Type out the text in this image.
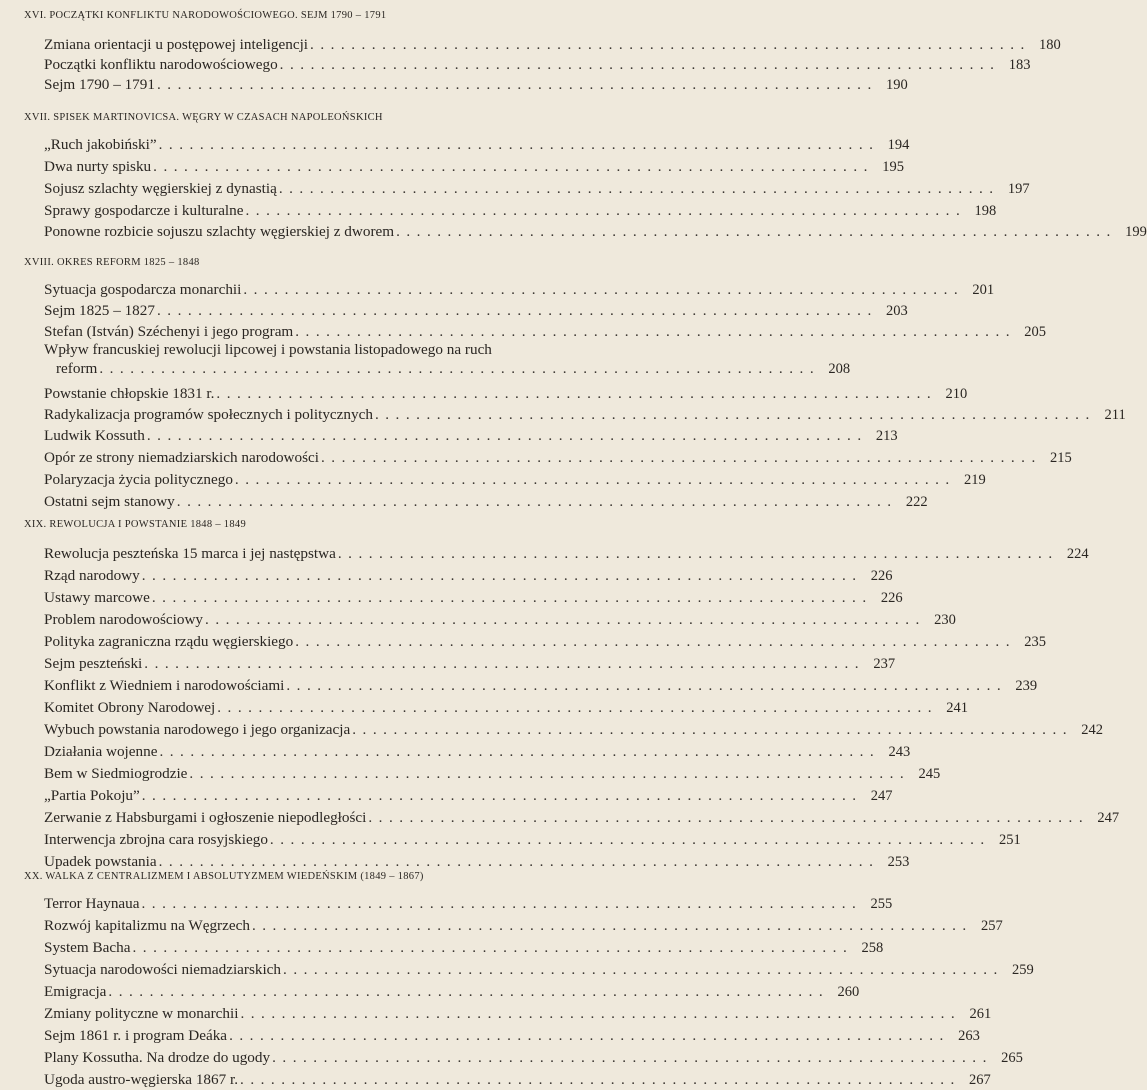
XVI. POCZĄTKI KONFLIKTU NARODOWOŚCIOWEGO. SEJM 1790 – 1791
Zmiana orientacji u postępowej inteligencji ...................................................................... 180
Początki konfliktu narodowościowego ...................................................................... 183
Sejm 1790 – 1791 ...................................................................... 190
XVII. SPISEK MARTINOVICSA. WĘGRY W CZASACH NAPOLEOŃSKICH
„Ruch jakobiński” ...................................................................... 194
Dwa nurty spisku ...................................................................... 195
Sojusz szlachty węgierskiej z dynastią ...................................................................... 197
Sprawy gospodarcze i kulturalne ...................................................................... 198
Ponowne rozbicie sojuszu szlachty węgierskiej z dworem ...................................................................... 199
XVIII. OKRES REFORM 1825 – 1848
Sytuacja gospodarcza monarchii ...................................................................... 201
Sejm 1825 – 1827 ...................................................................... 203
Stefan (István) Széchenyi i jego program ...................................................................... 205
Wpływ francuskiej rewolucji lipcowej i powstania listopadowego na ruch
reform ...................................................................... 208
Powstanie chłopskie 1831 r. ...................................................................... 210
Radykalizacja programów społecznych i politycznych ...................................................................... 211
Ludwik Kossuth ...................................................................... 213
Opór ze strony niemadziarskich narodowości ...................................................................... 215
Polaryzacja życia politycznego ...................................................................... 219
Ostatni sejm stanowy ...................................................................... 222
XIX. REWOLUCJA I POWSTANIE 1848 – 1849
Rewolucja peszteńska 15 marca i jej następstwa ...................................................................... 224
Rząd narodowy ...................................................................... 226
Ustawy marcowe ...................................................................... 226
Problem narodowościowy ...................................................................... 230
Polityka zagraniczna rządu węgierskiego ...................................................................... 235
Sejm peszteński ...................................................................... 237
Konflikt z Wiedniem i narodowościami ...................................................................... 239
Komitet Obrony Narodowej ...................................................................... 241
Wybuch powstania narodowego i jego organizacja ...................................................................... 242
Działania wojenne ...................................................................... 243
Bem w Siedmiogrodzie ...................................................................... 245
„Partia Pokoju” ...................................................................... 247
Zerwanie z Habsburgami i ogłoszenie niepodległości ...................................................................... 247
Interwencja zbrojna cara rosyjskiego ...................................................................... 251
Upadek powstania ...................................................................... 253
XX. WALKA Z CENTRALIZMEM I ABSOLUTYZMEM WIEDEŃSKIM (1849 – 1867)
Terror Haynaua ...................................................................... 255
Rozwój kapitalizmu na Węgrzech ...................................................................... 257
System Bacha ...................................................................... 258
Sytuacja narodowości niemadziarskich ...................................................................... 259
Emigracja ...................................................................... 260
Zmiany polityczne w monarchii ...................................................................... 261
Sejm 1861 r. i program Deáka ...................................................................... 263
Plany Kossutha. Na drodze do ugody ...................................................................... 265
Ugoda austro-węgierska 1867 r. ...................................................................... 267
